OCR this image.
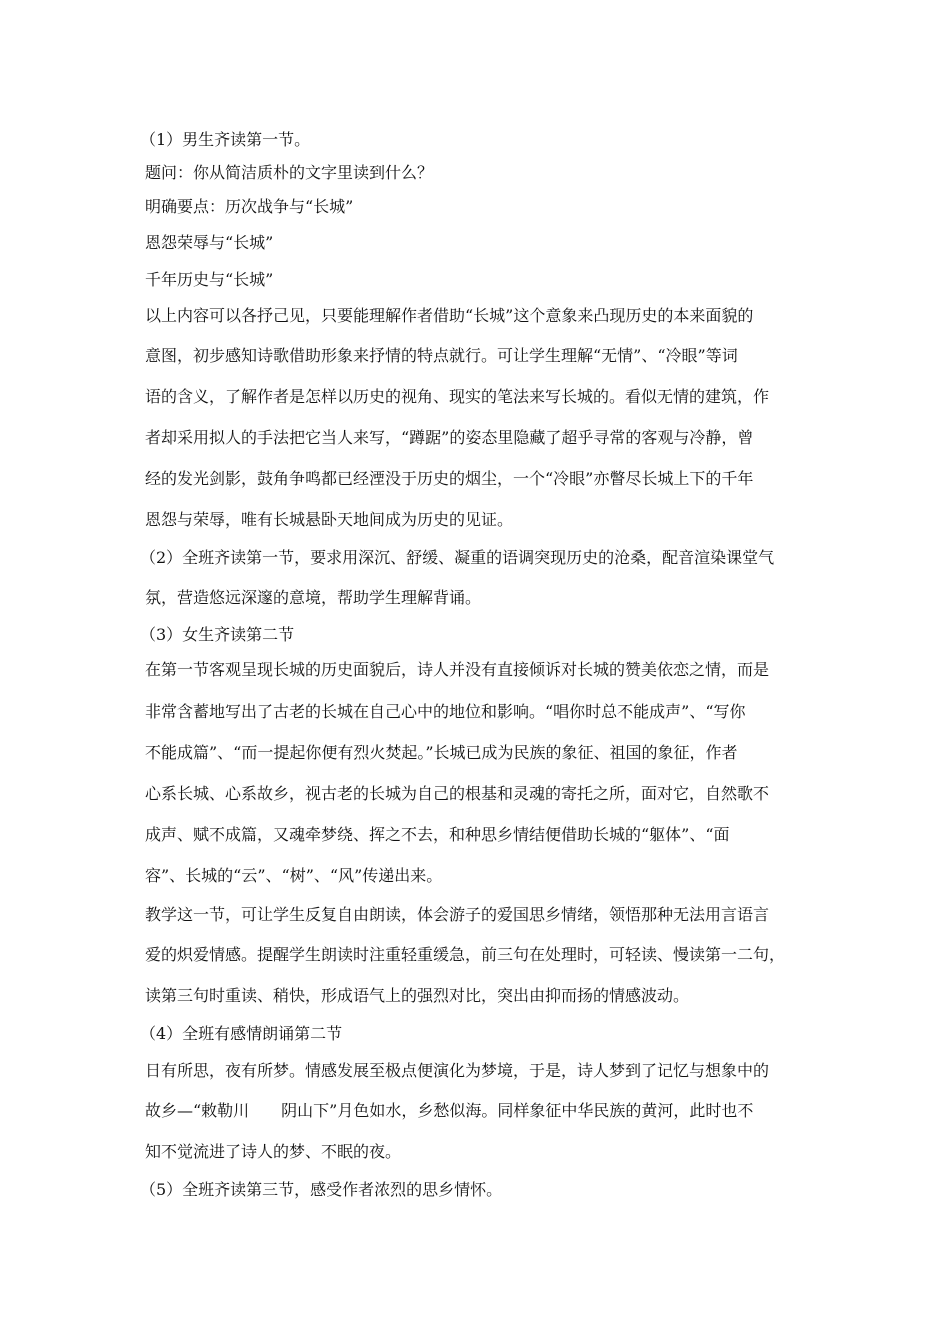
（1）男生齐读第一节。
题问：你从简洁质朴的文字里读到什么？
明确要点：历次战争与“长城”
恩怨荣辱与“长城”
千年历史与“长城”
以上内容可以各抒己见，只要能理解作者借助“长城”这个意象来凸现历史的本来面貌的
意图，初步感知诗歌借助形象来抒情的特点就行。可让学生理解“无情”、“冷眼”等词
语的含义，了解作者是怎样以历史的视角、现实的笔法来写长城的。看似无情的建筑，作
者却采用拟人的手法把它当人来写，“蹲踞”的姿态里隐藏了超乎寻常的客观与冷静，曾
经的发光剑影，鼓角争鸣都已经湮没于历史的烟尘，一个“冷眼”亦瞥尽长城上下的千年
恩怨与荣辱，唯有长城悬卧天地间成为历史的见证。
（2）全班齐读第一节，要求用深沉、舒缓、凝重的语调突现历史的沧桑，配音渲染课堂气
氛，营造悠远深邃的意境，帮助学生理解背诵。
（3）女生齐读第二节
在第一节客观呈现长城的历史面貌后，诗人并没有直接倾诉对长城的赞美依恋之情，而是
非常含蓄地写出了古老的长城在自己心中的地位和影响。“唱你时总不能成声”、“写你
不能成篇”、“而一提起你便有烈火焚起。”长城已成为民族的象征、祖国的象征，作者
心系长城、心系故乡，视古老的长城为自己的根基和灵魂的寄托之所，面对它，自然歌不
成声、赋不成篇，又魂牵梦绕、挥之不去，和种思乡情结便借助长城的“躯体”、“面
容”、长城的“云”、“树”、“风”传递出来。
教学这一节，可让学生反复自由朗读，体会游子的爱国思乡情绪，领悟那种无法用言语言
爱的炽爱情感。提醒学生朗读时注重轻重缓急，前三句在处理时，可轻读、慢读第一二句，
读第三句时重读、稍快，形成语气上的强烈对比，突出由抑而扬的情感波动。
（4）全班有感情朗诵第二节
日有所思，夜有所梦。情感发展至极点便演化为梦境，于是，诗人梦到了记忆与想象中的
故乡—“敕勒川　　阴山下”月色如水，乡愁似海。同样象征中华民族的黄河，此时也不
知不觉流进了诗人的梦、不眠的夜。
（5）全班齐读第三节，感受作者浓烈的思乡情怀。
